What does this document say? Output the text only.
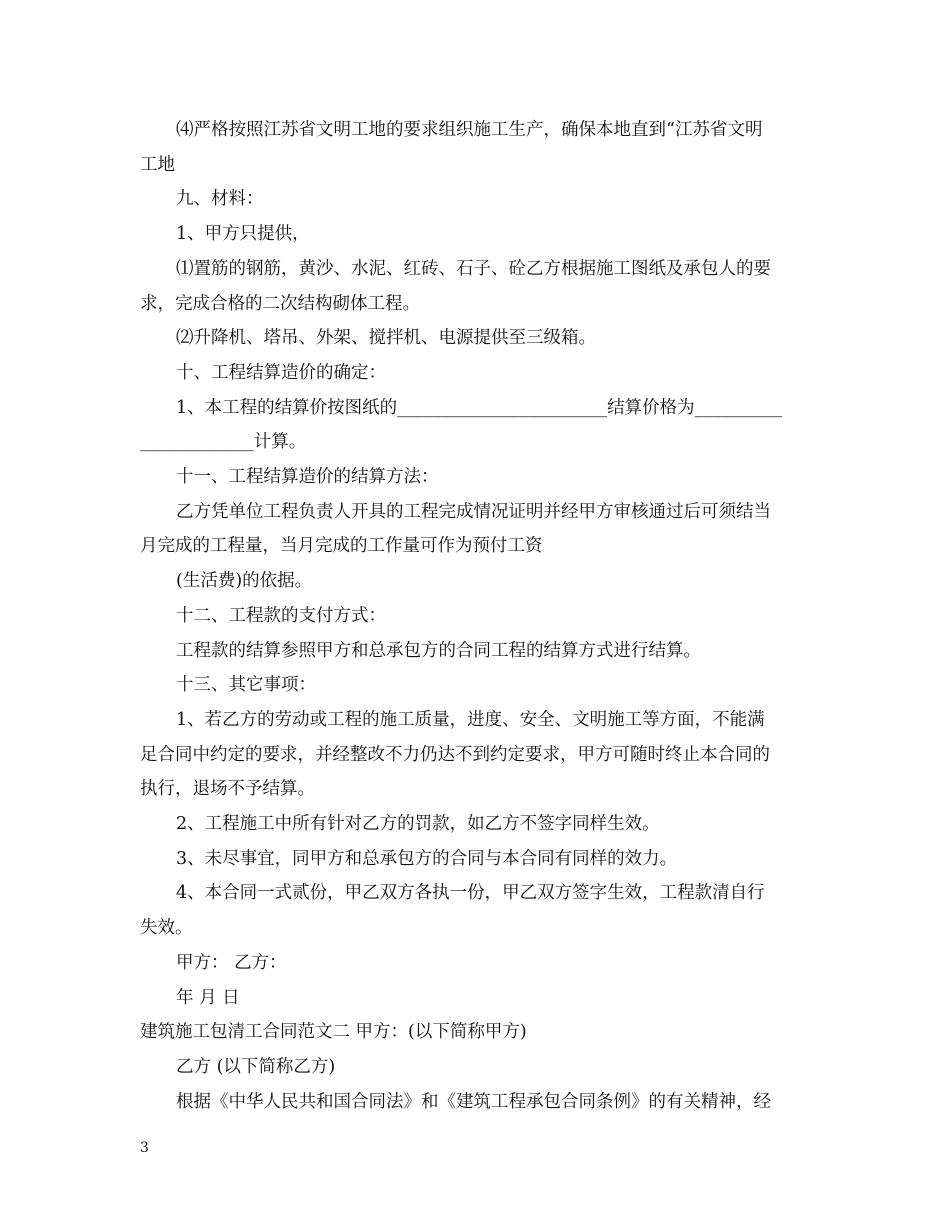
⑷严格按照江苏省文明工地的要求组织施工生产，确保本地直到“江苏省文明

工地

九、材料：

1、甲方只提供，

⑴置筋的钢筋，黄沙、水泥、红砖、石子、砼乙方根据施工图纸及承包人的要

求，完成合格的二次结构砌体工程。

⑵升降机、塔吊、外架、搅拌机、电源提供至三级箱。

十、工程结算造价的确定：

1、本工程的结算价按图纸的________________________结算价格为__________

_____________计算。

十一、工程结算造价的结算方法：

乙方凭单位工程负责人开具的工程完成情况证明并经甲方审核通过后可须结当

月完成的工程量，当月完成的工作量可作为预付工资

(生活费)的依据。

十二、工程款的支付方式：

工程款的结算参照甲方和总承包方的合同工程的结算方式进行结算。

十三、其它事项：

1、若乙方的劳动或工程的施工质量，进度、安全、文明施工等方面，不能满

足合同中约定的要求，并经整改不力仍达不到约定要求，甲方可随时终止本合同的

执行，退场不予结算。

2、工程施工中所有针对乙方的罚款，如乙方不签字同样生效。

3、未尽事宜，同甲方和总承包方的合同与本合同有同样的效力。

4、本合同一式贰份，甲乙双方各执一份，甲乙双方签字生效，工程款清自行

失效。

甲方： 乙方：

年 月 日

建筑施工包清工合同范文二 甲方：(以下简称甲方)

乙方 (以下简称乙方)

根据《中华人民共和国合同法》和《建筑工程承包合同条例》的有关精神，经

3
